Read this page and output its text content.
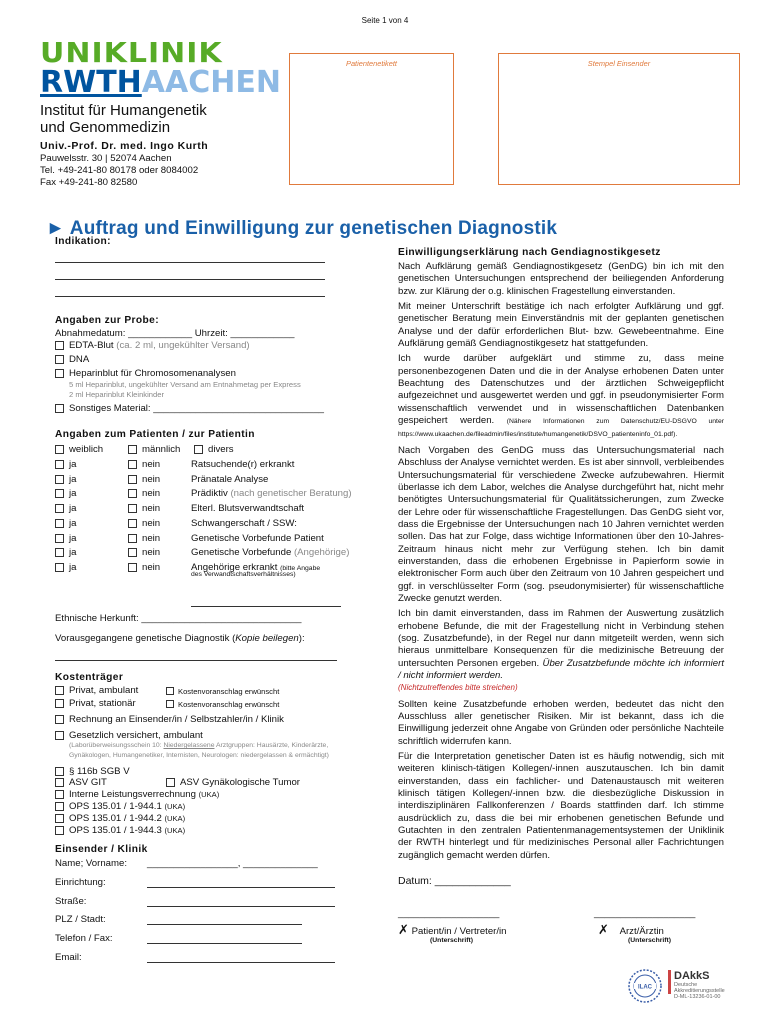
Seite 1 von 4
UNIKLINIK
RWTHAACHEN
Institut für Humangenetik
und Genommedizin
Univ.-Prof. Dr. med. Ingo Kurth
Pauwelsstr. 30 | 52074 Aachen
Tel. +49-241-80 80178 oder 8084002
Fax +49-241-80 82580
Patientenetikett	Stempel Einsender
► Auftrag und Einwilligung zur genetischen Diagnostik
Indikation:
Angaben zur Probe:
Abnahmedatum: ____________ Uhrzeit: ____________
EDTA-Blut (ca. 2 ml, ungekühlter Versand)
DNA
Heparinblut für Chromosomenanalysen
5 ml Heparinblut, ungekühlter Versand am Entnahmetag per Express
2 ml Heparinblut Kleinkinder
Sonstiges Material: ________________________________
Angaben zum Patienten / zur Patientin
weiblich	männlich	divers
ja	nein	Ratsuchende(r) erkrankt
ja	nein	Pränatale Analyse
ja	nein	Prädiktiv (nach genetischer Beratung)
ja	nein	Elterl. Blutsverwandtschaft
ja	nein	Schwangerschaft / SSW:
ja	nein	Genetische Vorbefunde Patient
ja	nein	Genetische Vorbefunde (Angehörige)
ja	nein	Angehörige erkrankt (bitte Angabe
des Verwandtschaftsverhältnisses)
Ethnische Herkunft: ______________________________
Vorausgegangene genetische Diagnostik (Kopie beilegen):
Kostenträger
Privat, ambulant	Kostenvoranschlag erwünscht
Privat, stationär	Kostenvoranschlag erwünscht
Rechnung an Einsender/in / Selbstzahler/in / Klinik
Gesetzlich versichert, ambulant
(Laborüberweisungsschein 10: Niedergelassene Arztgruppen: Hausärzte, Kinderärzte,
Gynäkologen, Humangenetiker, Internisten, Neurologen: niedergelassen & ermächtigt)
§ 116b SGB V
ASV GIT	ASV Gynäkologische Tumor
Interne Leistungsverrechnung (UKA)
OPS 135.01 / 1-944.1 (UKA)
OPS 135.01 / 1-944.2 (UKA)
OPS 135.01 / 1-944.3 (UKA)
Einsender / Klinik
Name; Vorname: _________________, ______________
Einrichtung:
Straße:
PLZ / Stadt:
Telefon / Fax:
Email:
Einwilligungserklärung nach Gendiagnostikgesetz

Nach Aufklärung gemäß Gendiagnostikgesetz (GenDG) bin ich mit den genetischen Untersuchungen entsprechend der beiliegenden Anforderung bzw. zur Klärung der o.g. klinischen Fragestellung einverstanden.

Mit meiner Unterschrift bestätige ich nach erfolgter Aufklärung und ggf. genetischer Beratung mein Einverständnis mit der geplanten genetischen Analyse und der dafür erforderlichen Blut- bzw. Gewebeentnahme. Eine Aufklärung gemäß Gendiagnostikgesetz hat stattgefunden.

Ich wurde darüber aufgeklärt und stimme zu, dass meine personenbezogenen Daten und die in der Analyse erhobenen Daten unter Beachtung des Datenschutzes und der ärztlichen Schweigepflicht aufgezeichnet und ausgewertet werden und ggf. in pseudonymisierter Form wissenschaftlich verwendet und in wissenschaftlichen Datenbanken gespeichert werden. (Nähere Informationen zum Datenschutz/EU-DSGVO unter https://www.ukaachen.de/fileadmin/files/institute/humangenetik/DSVO_patienteninfo_01.pdf).

Nach Vorgaben des GenDG muss das Untersuchungsmaterial nach Abschluss der Analyse vernichtet werden. Es ist aber sinnvoll, verbleibendes Untersuchungsmaterial für verschiedene Zwecke aufzubewahren. Hiermit überlasse ich dem Labor, welches die Analyse durchgeführt hat, nicht mehr benötigtes Untersuchungsmaterial für Qualitätssicherungen, zum Zwecke der Lehre oder für wissenschaftliche Fragestellungen. Das GenDG sieht vor, dass die Ergebnisse der Untersuchungen nach 10 Jahren vernichtet werden sollen. Das hat zur Folge, dass wichtige Informationen über den 10-Jahres-Zeitraum hinaus nicht mehr zur Verfügung stehen. Ich bin damit einverstanden, dass die erhobenen Ergebnisse in Papierform sowie in elektronischer Form auch über den Zeitraum von 10 Jahren gespeichert und ggf. in verschlüsselter Form (sog. pseudonymisierter) für wissenschaftliche Zwecke genutzt werden.

Ich bin damit einverstanden, dass im Rahmen der Auswertung zusätzlich erhobene Befunde, die mit der Fragestellung nicht in Verbindung stehen (sog. Zusatzbefunde), in der Regel nur dann mitgeteilt werden, wenn sich hieraus unmittelbare Konsequenzen für die medizinische Betreuung der untersuchten Personen ergeben. Über Zusatzbefunde möchte ich informiert / nicht informiert werden.

(Nichtzutreffendes bitte streichen)

Sollten keine Zusatzbefunde erhoben werden, bedeutet das nicht den Ausschluss aller genetischer Risiken. Mir ist bekannt, dass ich die Einwilligung jederzeit ohne Angabe von Gründen oder persönliche Nachteile schriftlich widerrufen kann.

Für die Interpretation genetischer Daten ist es häufig notwendig, sich mit weiteren klinisch-tätigen Kollegen/-innen auszutauschen. Ich bin damit einverstanden, dass ein fachlicher- und Datenaustausch mit weiteren klinisch tätigen Kollegen/-innen bzw. die diesbezügliche Diskussion in interdisziplinären Fallkonferenzen / Boards stattfinden darf. Ich stimme ausdrücklich zu, dass die bei mir erhobenen genetischen Befunde und Gutachten in den zentralen Patientenmanagementsystemen der Uniklinik der RWTH hinterlegt und für medizinisches Personal aller Fachrichtungen zugänglich gemacht werden dürfen.

Datum: _____________
___________________
✗ Patient/in / Vertreter/in
(Unterschrift)
___________________
✗ Arzt/Ärztin
(Unterschrift)
ILAC
DAkkS
Deutsche
Akkreditierungsstelle
D-ML-13236-01-00
